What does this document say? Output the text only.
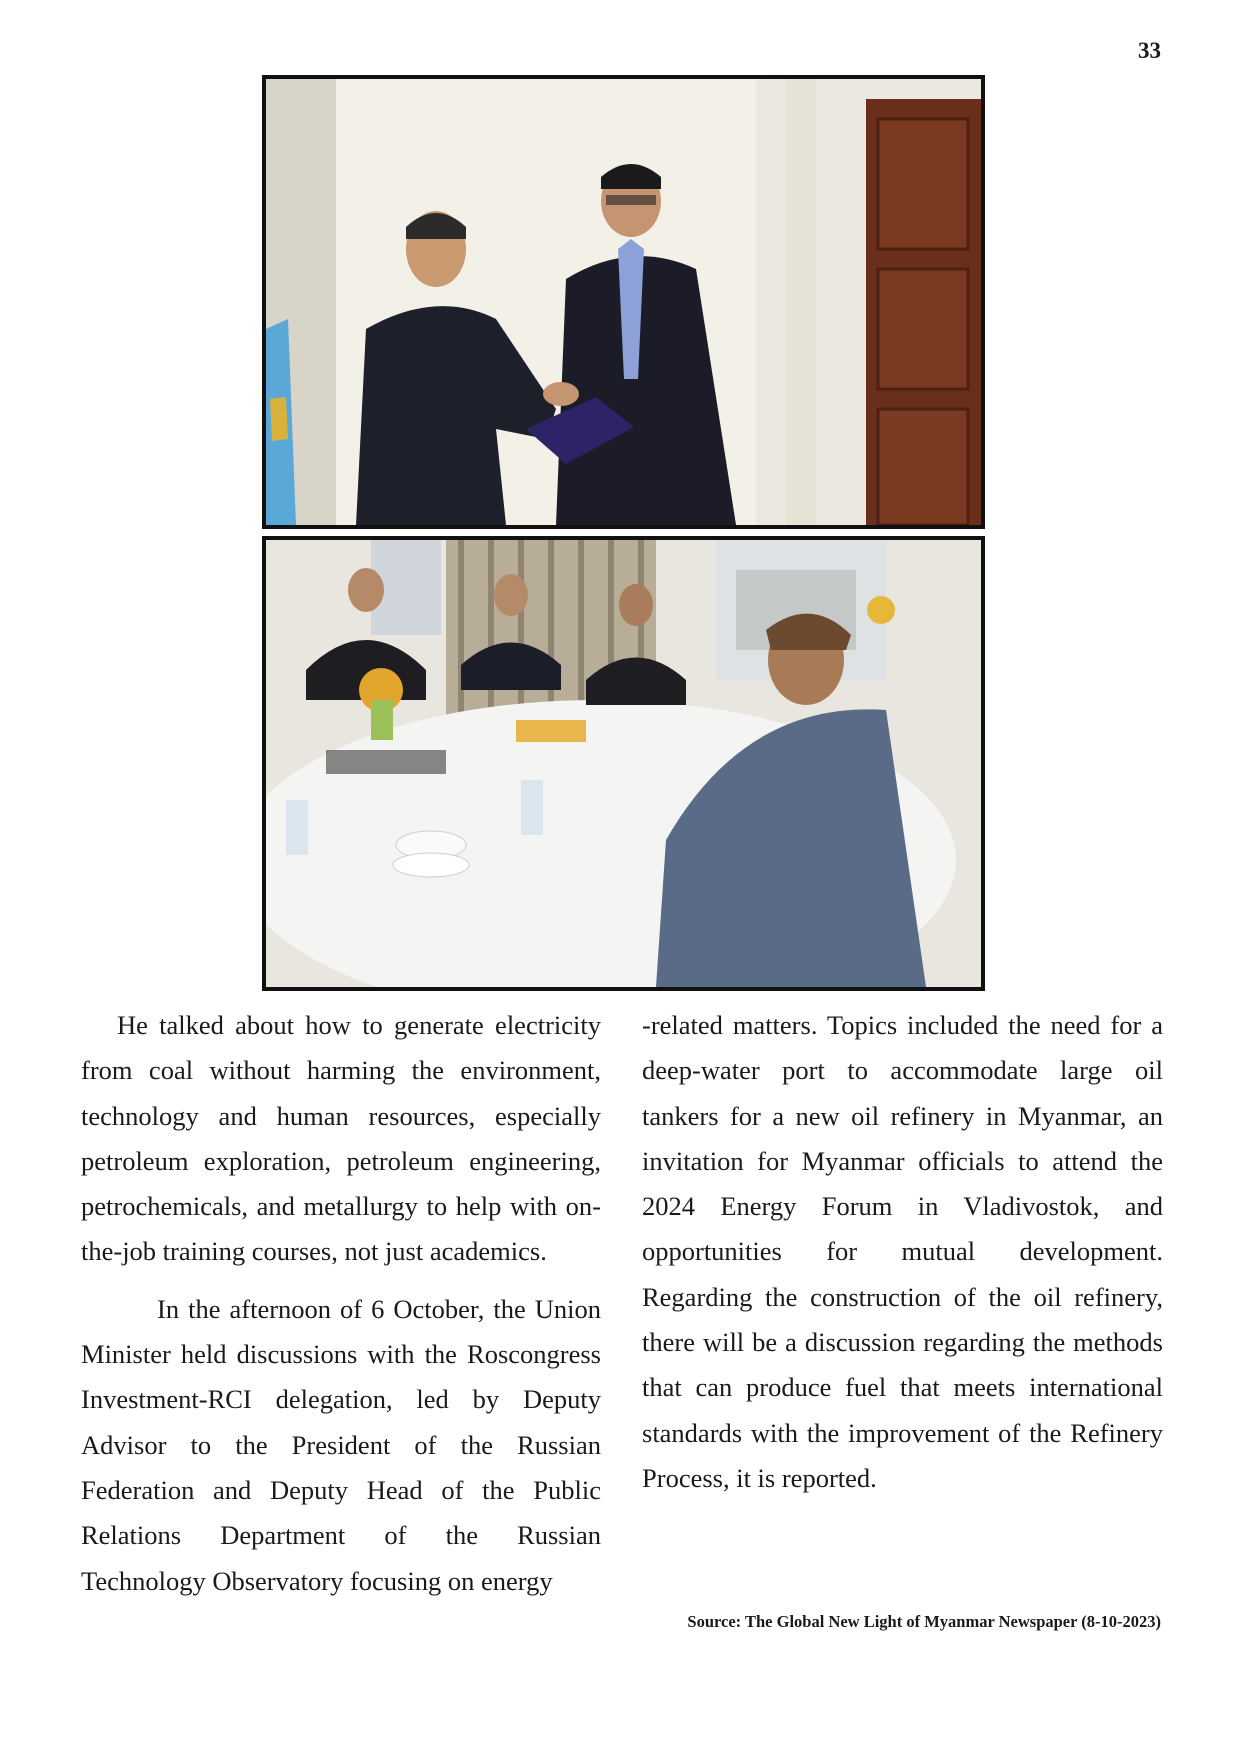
33

He talked about how to generate electricity from coal without harming the environment, technology and human resources, especially petroleum exploration, petroleum engineering, petrochemicals, and metallurgy to help with on-the-job training courses, not just academics.

In the afternoon of 6 October, the Union Minister held discussions with the Roscongress Investment-RCI delegation, led by Deputy Advisor to the President of the Russian Federation and Deputy Head of the Public Relations Department of the Russian Technology Observatory focusing on energy

-related matters. Topics included the need for a deep-water port to accommodate large oil tankers for a new oil refinery in Myanmar, an invitation for Myanmar officials to attend the 2024 Energy Forum in Vladivostok, and opportunities for mutual development. Regarding the construction of the oil refinery, there will be a discussion regarding the methods that can produce fuel that meets international standards with the improvement of the Refinery Process, it is reported.

Source: The Global New Light of Myanmar Newspaper (8-10-2023)
